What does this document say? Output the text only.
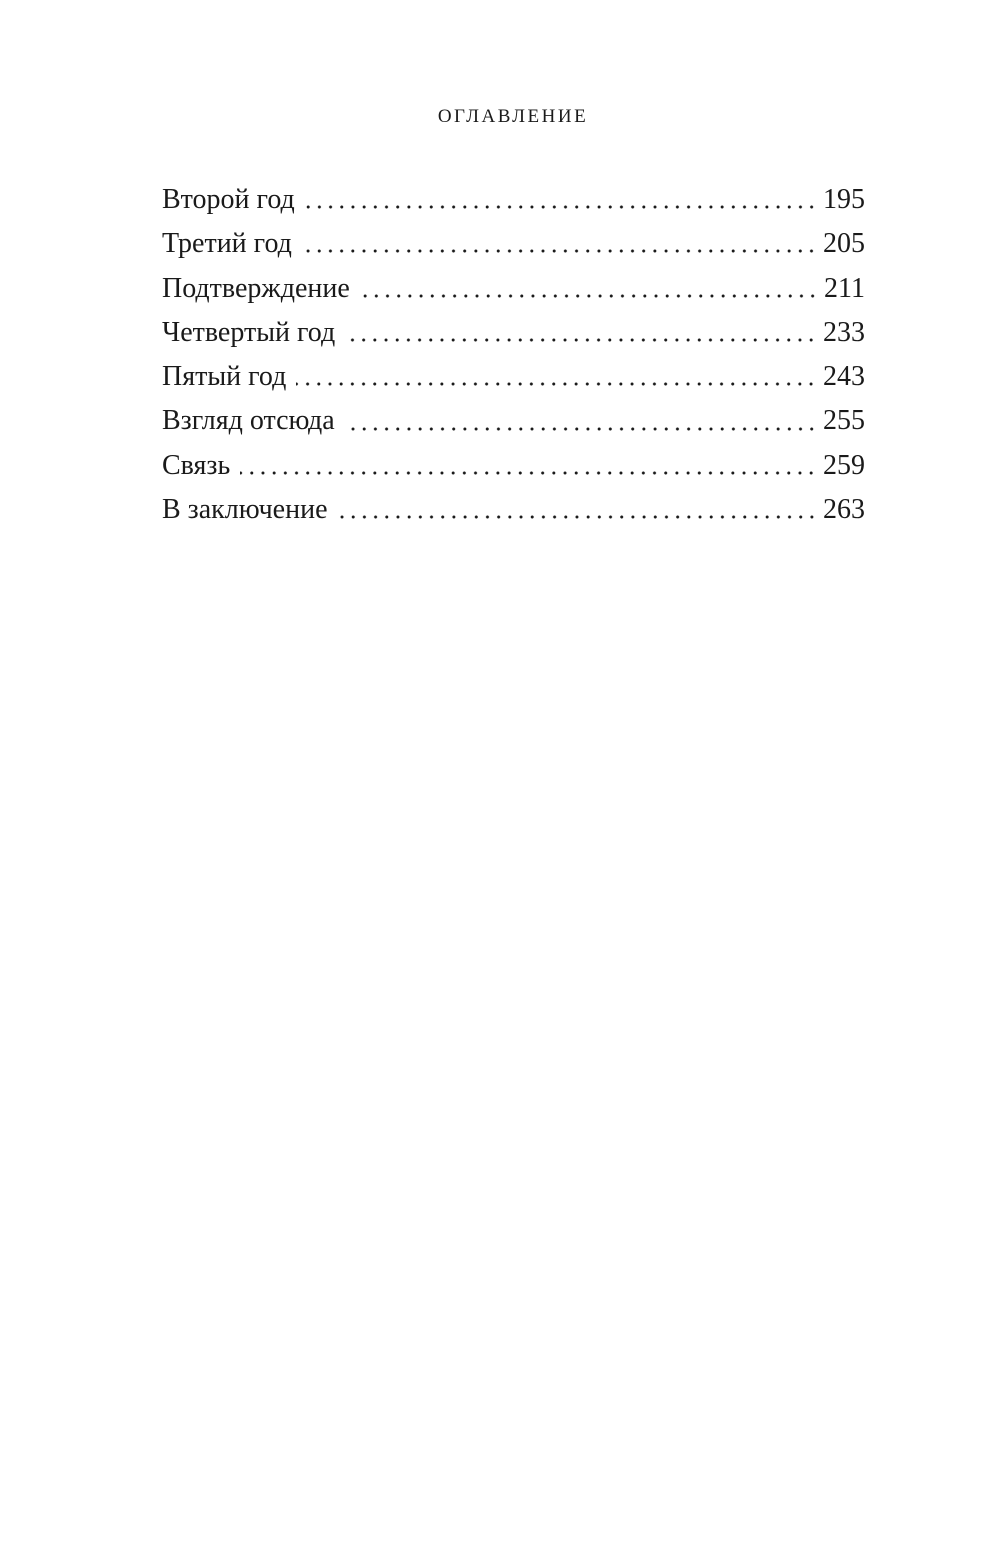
ОГЛАВЛЕНИЕ
Второй год	195
Третий год	205
Подтверждение	211
Четвертый год	233
Пятый год	243
Взгляд отсюда	255
Связь	259
В заключение	263
